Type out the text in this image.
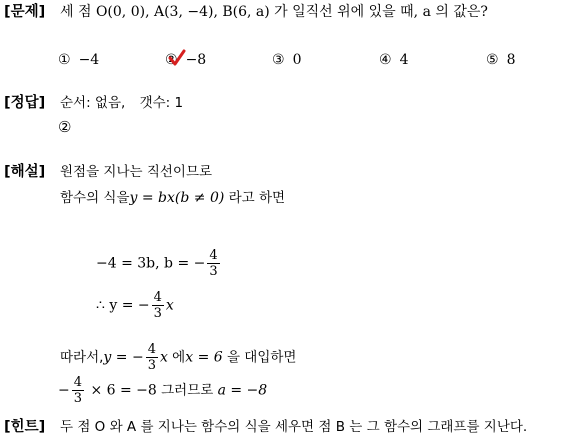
[문제] 세 점 O(0, 0), A(3, −4), B(6, a) 가 일직선 위에 있을 때, a 의 값은?
① −4	② −8	③ 0	④ 4	⑤ 8
[정답] 순서: 없음, 갯수: 1
②
[해설] 원점을 지나는 직선이므로
함수의 식을y = bx(b ≠ 0) 라고 하면
−4 = 3b, b = − $\frac{4}{3}$
∴ y = − $\frac{4}{3}$ x
따라서,y = − $\frac{4}{3}$ x 에x = 6 을 대입하면
− $\frac{4}{3} \times 6 = -8$ 그러므로 a = −8
[힌트] 두 점 O 와 A 를 지나는 함수의 식을 세우면 점 B 는 그 함수의 그래프를 지난다.
